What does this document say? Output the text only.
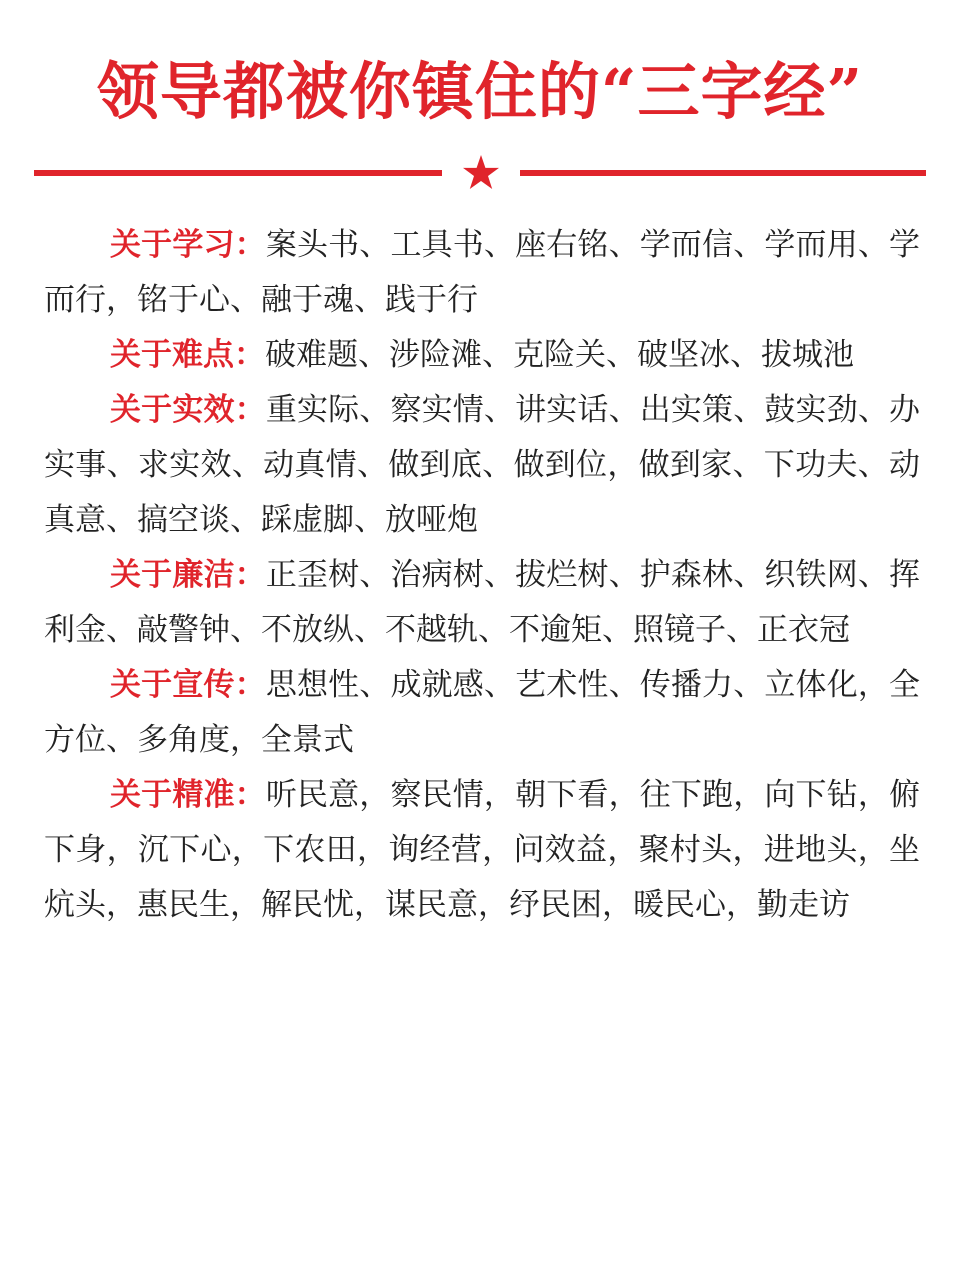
领导都被你镇住的“三字经”

关于学习：案头书、工具书、座右铭、学而信、学而用、学而行，铭于心、融于魂、践于行

关于难点：破难题、涉险滩、克险关、破坚冰、拔城池

关于实效：重实际、察实情、讲实话、出实策、鼓实劲、办实事、求实效、动真情、做到底、做到位，做到家、下功夫、动真意、搞空谈、踩虚脚、放哑炮

关于廉洁：正歪树、治病树、拔烂树、护森林、织铁网、挥利金、敲警钟、不放纵、不越轨、不逾矩、照镜子、正衣冠

关于宣传：思想性、成就感、艺术性、传播力、立体化，全方位、多角度，全景式

关于精准：听民意，察民情，朝下看，往下跑，向下钻，俯下身，沉下心，下农田，询经营，问效益，聚村头，进地头，坐炕头，惠民生，解民忧，谋民意，纾民困，暖民心，勤走访
